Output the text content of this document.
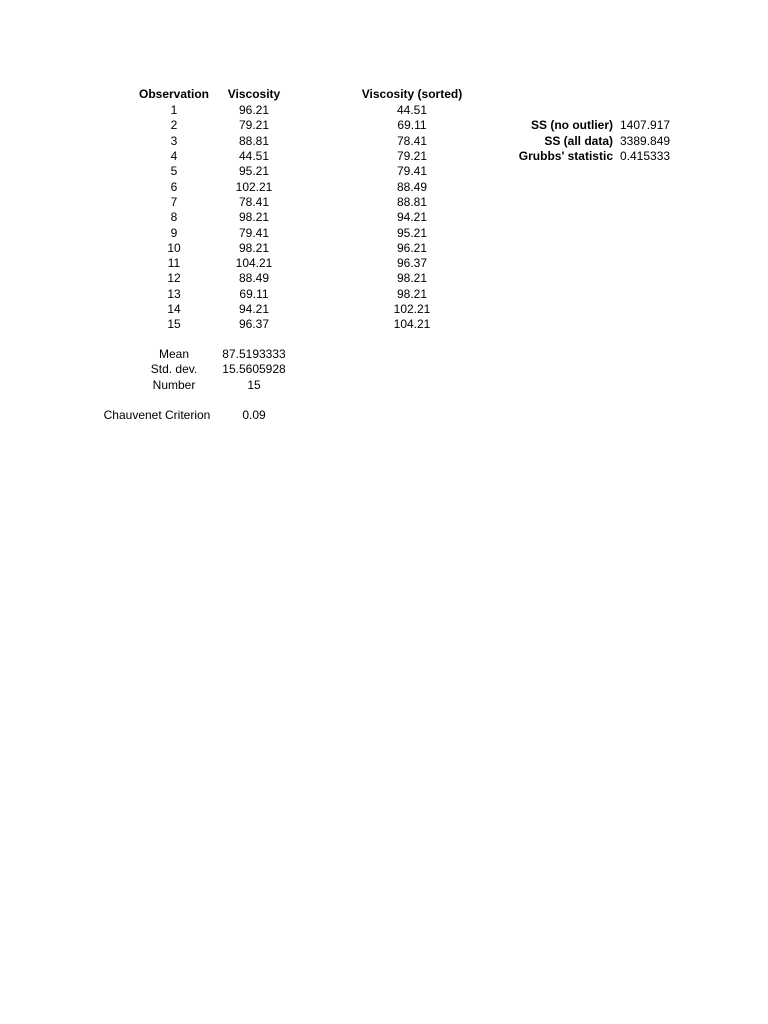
Observation	Viscosity	Viscosity (sorted)
1	96.21	44.51
2	79.21	69.11
3	88.81	78.41
4	44.51	79.21
5	95.21	79.41
6	102.21	88.49
7	78.41	88.81
8	98.21	94.21
9	79.41	95.21
10	98.21	96.21
11	104.21	96.37
12	88.49	98.21
13	69.11	98.21
14	94.21	102.21
15	96.37	104.21
SS (no outlier) 1407.917
SS (all data) 3389.849
Grubbs' statistic 0.415333
Mean	87.5193333
Std. dev.	15.5605928
Number	15
Chauvenet Criterion	0.09
